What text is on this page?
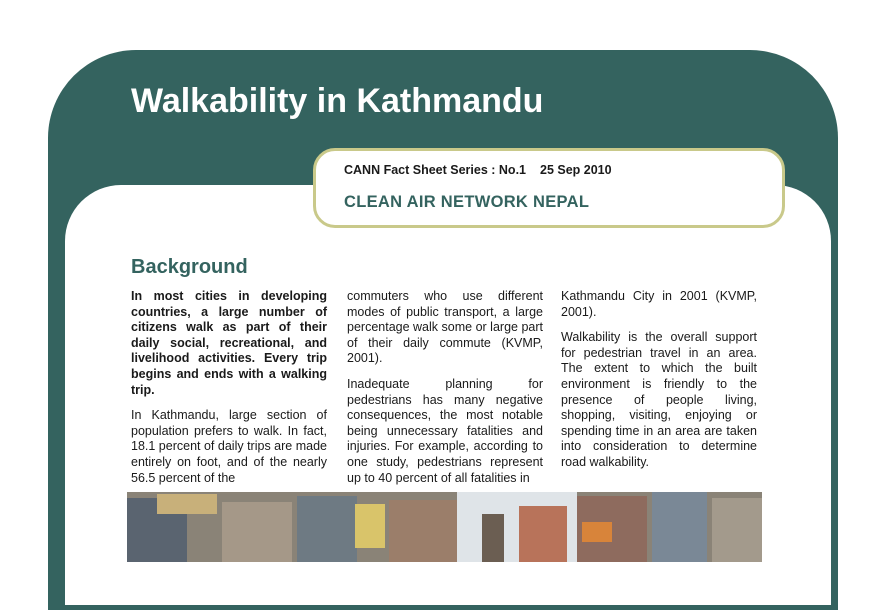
Walkability in Kathmandu
CANN Fact Sheet Series : No.1 25 Sep 2010
CLEAN AIR NETWORK NEPAL
Background

In most cities in developing countries, a large number of citizens walk as part of their daily social, recreational, and livelihood activities. Every trip begins and ends with a walking trip.

In Kathmandu, large section of population prefers to walk. In fact, 18.1 percent of daily trips are made entirely on foot, and of the nearly 56.5 percent of the

commuters who use different modes of public transport, a large percentage walk some or large part of their daily commute (KVMP, 2001).

Inadequate planning for pedestrians has many negative consequences, the most notable being unnecessary fatalities and injuries. For example, according to one study, pedestrians represent up to 40 percent of all fatalities in

Kathmandu City in 2001 (KVMP, 2001).

Walkability is the overall support for pedestrian travel in an area. The extent to which the built environment is friendly to the presence of people living, shopping, visiting, enjoying or spending time in an area are taken into consideration to determine road walkability.
